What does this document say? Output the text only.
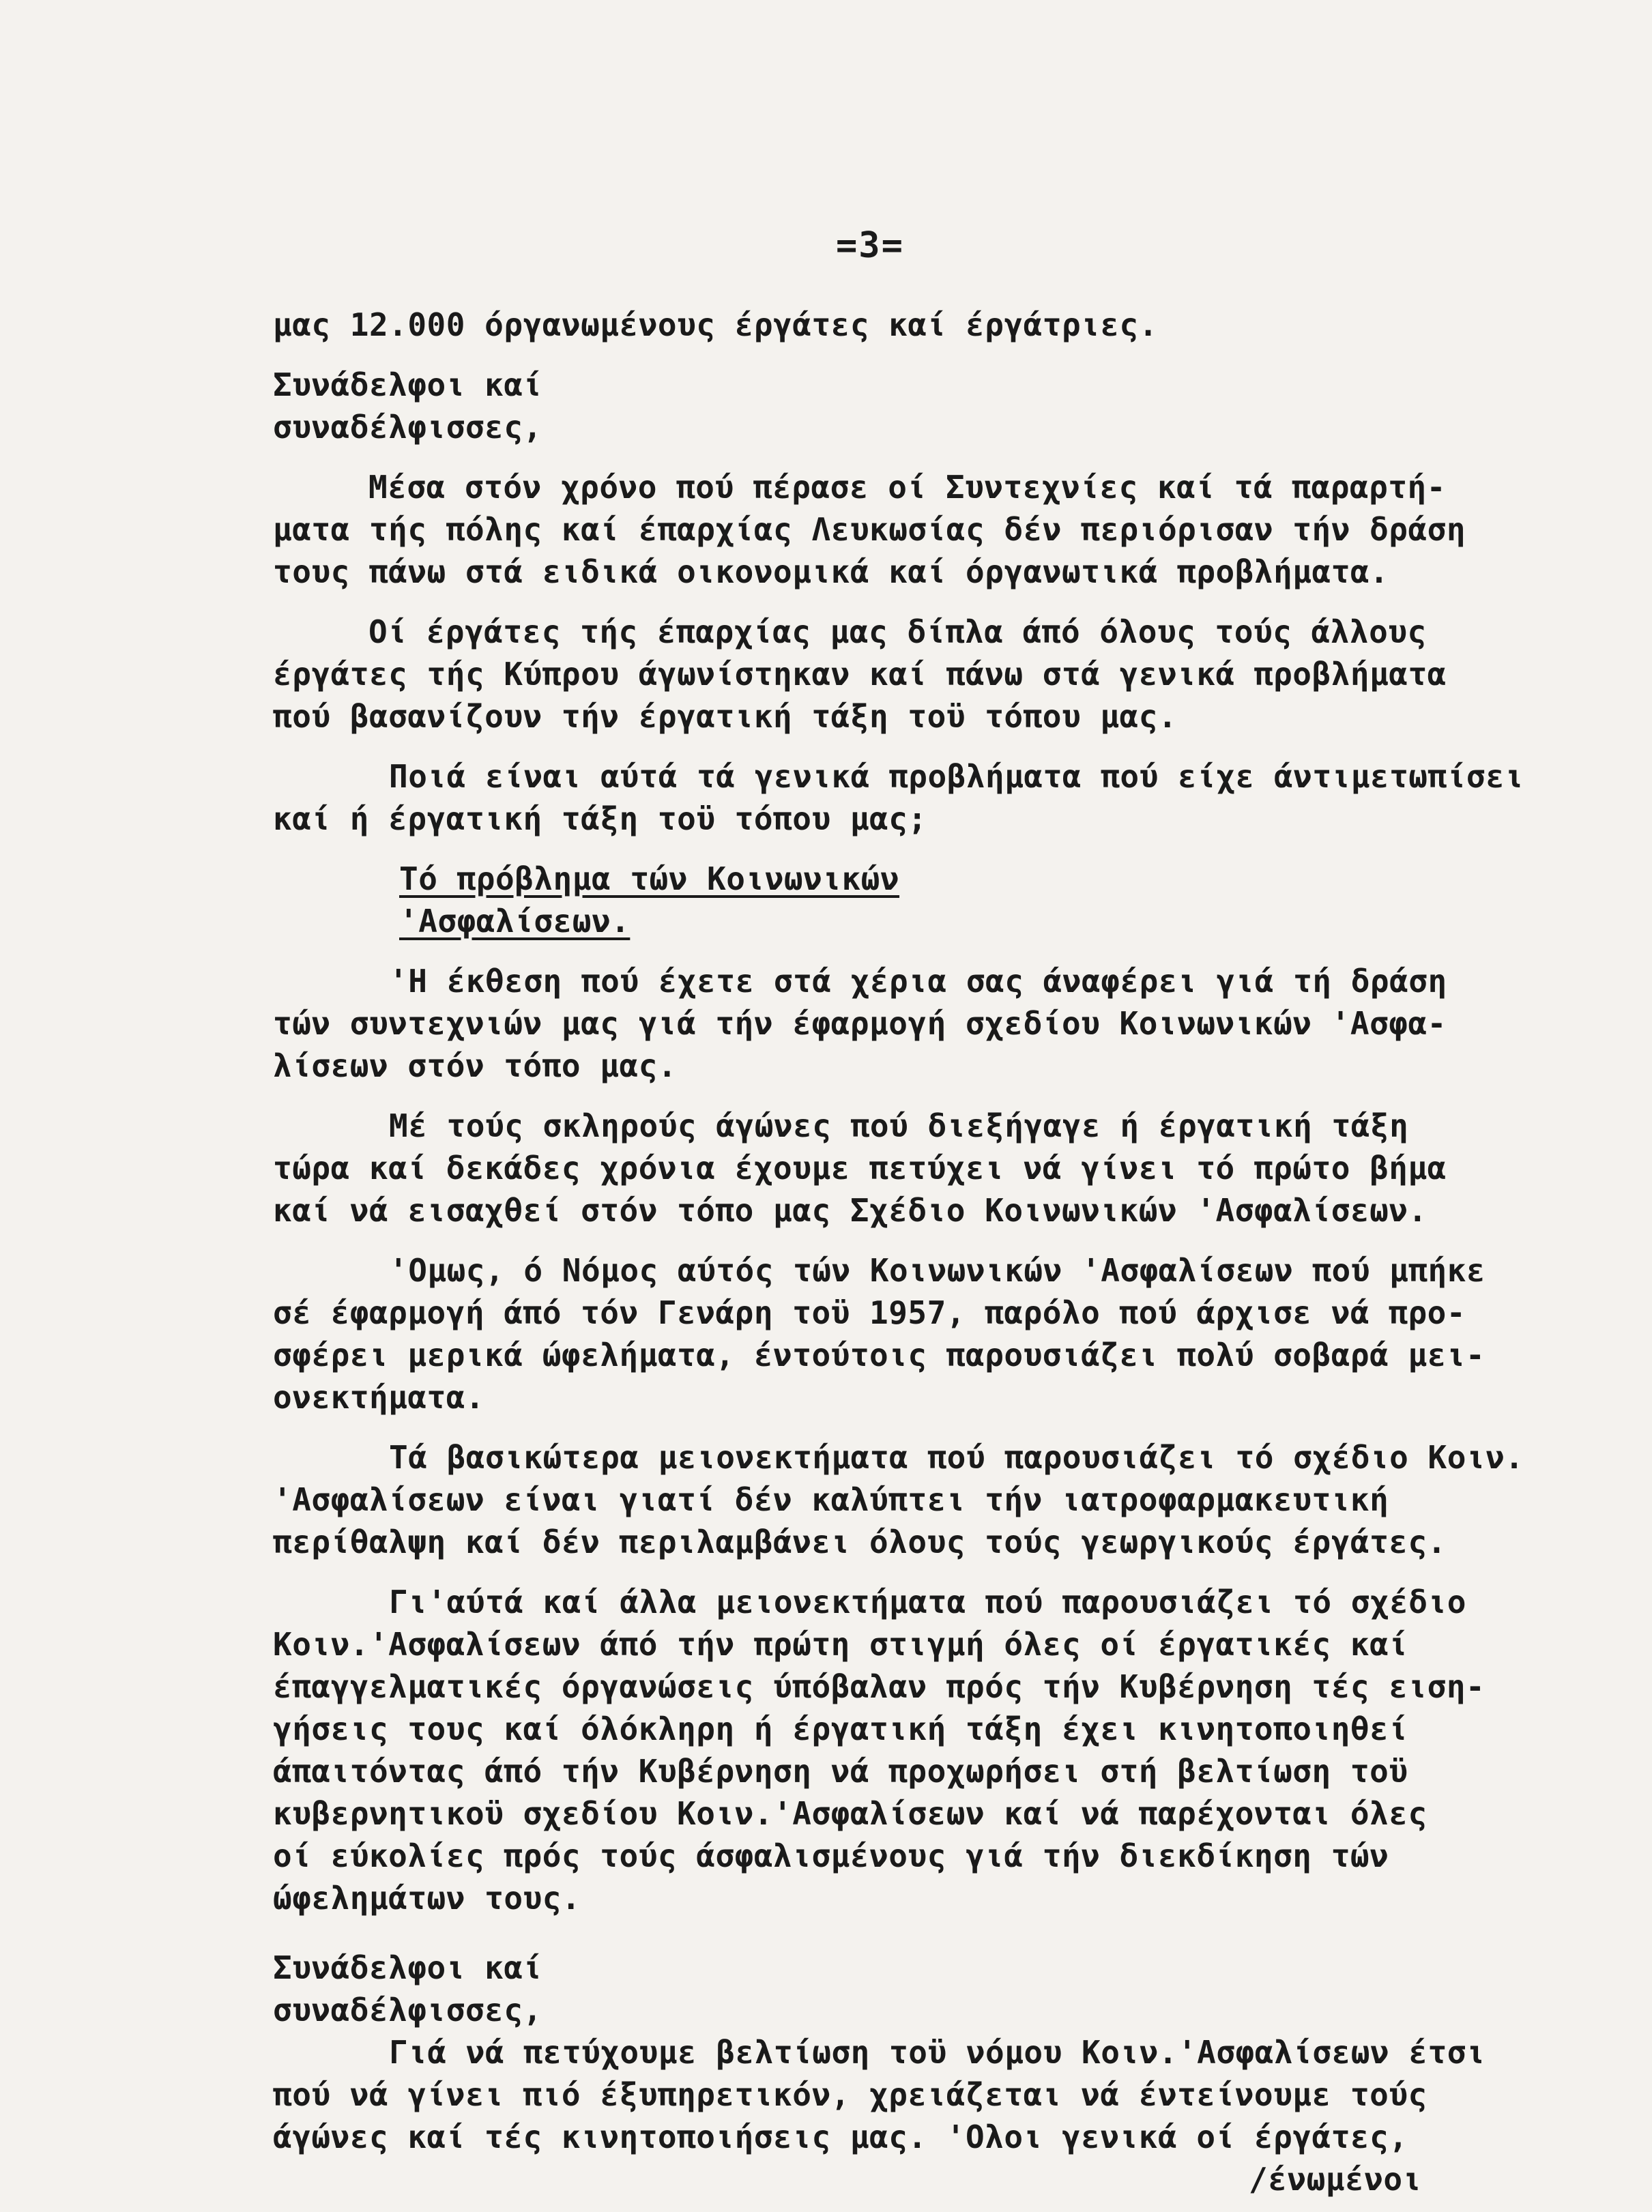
=3=
μας 12.000 όργανωμένους έργάτες καί έργάτριες.
Συνάδελφοι καί
συναδέλφισσες,
Μέσα στόν χρόνο πού πέρασε οί Συντεχνίες καί τά παραρτή-
ματα τής πόλης καί έπαρχίας Λευκωσίας δέν περιόρισαν τήν δράση
τους πάνω στά ειδικά οικονομικά καί όργανωτικά προβλήματα.
Οί έργάτες τής έπαρχίας μας δίπλα άπό όλους τούς άλλους
έργάτες τής Κύπρου άγωνίστηκαν καί πάνω στά γενικά προβλήματα
πού βασανίζουν τήν έργατική τάξη τοϋ τόπου μας.
Ποιά είναι αύτά τά γενικά προβλήματα πού είχε άντιμετωπίσει
καί ή έργατική τάξη τοϋ τόπου μας;
Τό πρόβλημα τών Κοινωνικών
'Ασφαλίσεων.
'Η έκθεση πού έχετε στά χέρια σας άναφέρει γιά τή δράση
τών συντεχνιών μας γιά τήν έφαρμογή σχεδίου Κοινωνικών 'Ασφα-
λίσεων στόν τόπο μας.
Μέ τούς σκληρούς άγώνες πού διεξήγαγε ή έργατική τάξη
τώρα καί δεκάδες χρόνια έχουμε πετύχει νά γίνει τό πρώτο βήμα
καί νά εισαχθεί στόν τόπο μας Σχέδιο Κοινωνικών 'Ασφαλίσεων.
'Ομως, ό Νόμος αύτός τών Κοινωνικών 'Ασφαλίσεων πού μπήκε
σέ έφαρμογή άπό τόν Γενάρη τοϋ 1957, παρόλο πού άρχισε νά προ-
σφέρει μερικά ώφελήματα, έντούτοις παρουσιάζει πολύ σοβαρά μει-
ονεκτήματα.
Τά βασικώτερα μειονεκτήματα πού παρουσιάζει τό σχέδιο Κοιν.
'Ασφαλίσεων είναι γιατί δέν καλύπτει τήν ιατροφαρμακευτική
περίθαλψη καί δέν περιλαμβάνει όλους τούς γεωργικούς έργάτες.
Γι'αύτά καί άλλα μειονεκτήματα πού παρουσιάζει τό σχέδιο
Κοιν.'Ασφαλίσεων άπό τήν πρώτη στιγμή όλες οί έργατικές καί
έπαγγελματικές όργανώσεις ύπόβαλαν πρός τήν Κυβέρνηση τές ειση-
γήσεις τους καί όλόκληρη ή έργατική τάξη έχει κινητοποιηθεί
άπαιτόντας άπό τήν Κυβέρνηση νά προχωρήσει στή βελτίωση τοϋ
κυβερνητικοϋ σχεδίου Κοιν.'Ασφαλίσεων καί νά παρέχονται όλες
οί εύκολίες πρός τούς άσφαλισμένους γιά τήν διεκδίκηση τών
ώφελημάτων τους.
Συνάδελφοι καί
συναδέλφισσες,
Γιά νά πετύχουμε βελτίωση τοϋ νόμου Κοιν.'Ασφαλίσεων έτσι
πού νά γίνει πιό έξυπηρετικόν, χρειάζεται νά έντείνουμε τούς
άγώνες καί τές κινητοποιήσεις μας. 'Ολοι γενικά οί έργάτες,
/ένωμένοι
